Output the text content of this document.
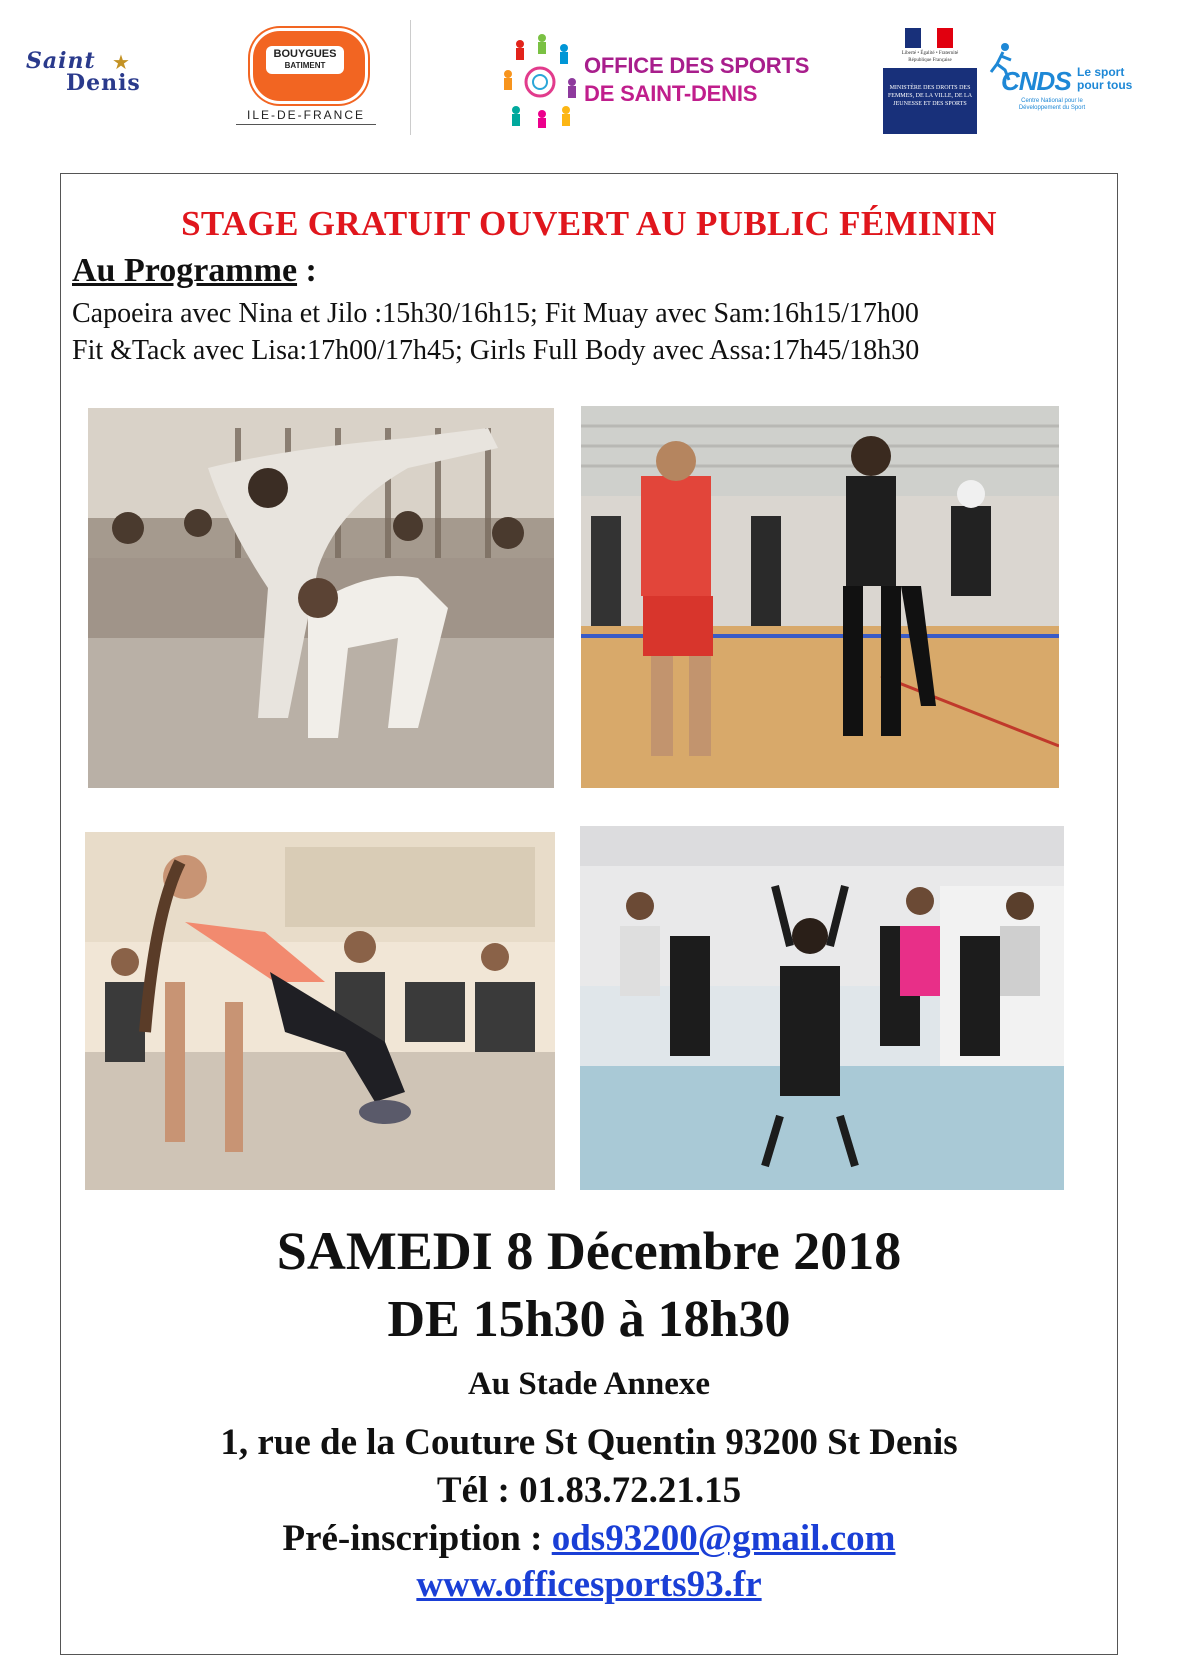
Saint ★
Denis
BOUYGUES
BATIMENT
ILE-DE-FRANCE
OFFICE DES SPORTS
DE SAINT-DENIS
Liberté • Égalité • Fraternité
République Française
MINISTÈRE DES DROITS DES FEMMES, DE LA VILLE, DE LA JEUNESSE ET DES SPORTS
CNDS Le sport
pour tous
Centre National pour le Développement du Sport
STAGE GRATUIT OUVERT AU PUBLIC FÉMININ
Au Programme :
Capoeira avec Nina et Jilo :15h30/16h15; Fit Muay avec Sam:16h15/17h00
Fit &Tack avec Lisa:17h00/17h45; Girls Full Body avec Assa:17h45/18h30
SAMEDI 8 Décembre 2018
DE 15h30 à 18h30
Au Stade Annexe
1, rue de la Couture St Quentin 93200 St Denis
Tél : 01.83.72.21.15
Pré-inscription : ods93200@gmail.com
www.officesports93.fr
